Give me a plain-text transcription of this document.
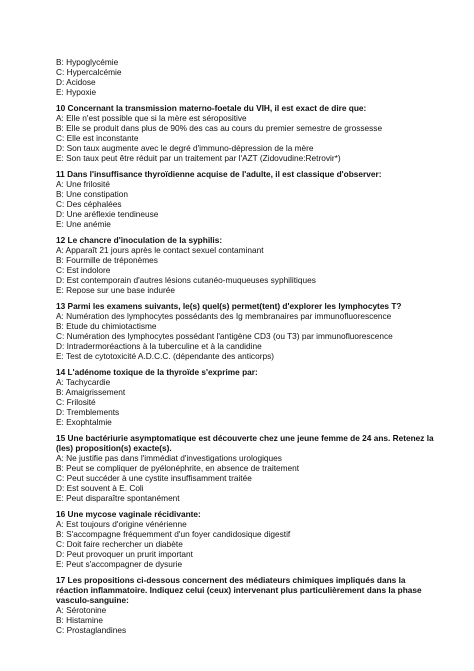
B: Hypoglycémie
C: Hypercalcémie
D: Acidose
E: Hypoxie
10 Concernant la transmission materno-foetale du VIH, il est exact de dire que:
A: Elle n'est possible que si la mère est séropositive
B: Elle se produit dans plus de 90% des cas au cours du premier semestre de grossesse
C: Elle est inconstante
D: Son taux augmente avec le degré d'immuno-dépression de la mère
E: Son taux peut être réduit par un traitement par l'AZT (Zidovudine:Retrovir*)
11 Dans l'insuffisance thyroïdienne acquise de l'adulte, il est classique d'observer:
A: Une frilosité
B: Une constipation
C: Des céphalées
D: Une aréflexie tendineuse
E: Une anémie
12 Le chancre d'inoculation de la syphilis:
A: Apparaît 21 jours après le contact sexuel contaminant
B: Fourmille de tréponèmes
C: Est indolore
D: Est contemporain d'autres lésions cutanéo-muqueuses syphilitiques
E: Repose sur une base indurée
13 Parmi les examens suivants, le(s) quel(s) permet(tent) d'explorer les lymphocytes T?
A: Numération des lymphocytes possédants des Ig membranaires par immunofluorescence
B: Etude du chimiotactisme
C: Numération des lymphocytes possédant l'antigène CD3 (ou T3) par immunofluorescence
D: Intradermoréactions à la tuberculine et à la candidine
E: Test de cytotoxicité A.D.C.C. (dépendante des anticorps)
14 L'adénome toxique de la thyroïde s'exprime par:
A: Tachycardie
B: Amaigrissement
C: Frilosité
D: Tremblements
E: Exophtalmie
15 Une bactériurie asymptomatique est découverte chez une jeune femme de 24 ans. Retenez la (les) proposition(s) exacte(s).
A: Ne justifie pas dans l'immédiat d'investigations urologiques
B: Peut se compliquer de pyélonéphrite, en absence de traitement
C: Peut succéder à une cystite insuffisamment traitée
D: Est souvent à E. Coli
E: Peut disparaître spontanément
16 Une mycose vaginale récidivante:
A: Est toujours d'origine vénérienne
B: S'accompagne fréquemment d'un foyer candidosique digestif
C: Doit faire rechercher un diabète
D: Peut provoquer un prurit important
E: Peut s'accompagner de dysurie
17 Les propositions ci-dessous concernent des médiateurs chimiques impliqués dans la réaction inflammatoire. Indiquez celui (ceux) intervenant plus particulièrement dans la phase vasculo-sanguine:
A: Sérotonine
B: Histamine
C: Prostaglandines
